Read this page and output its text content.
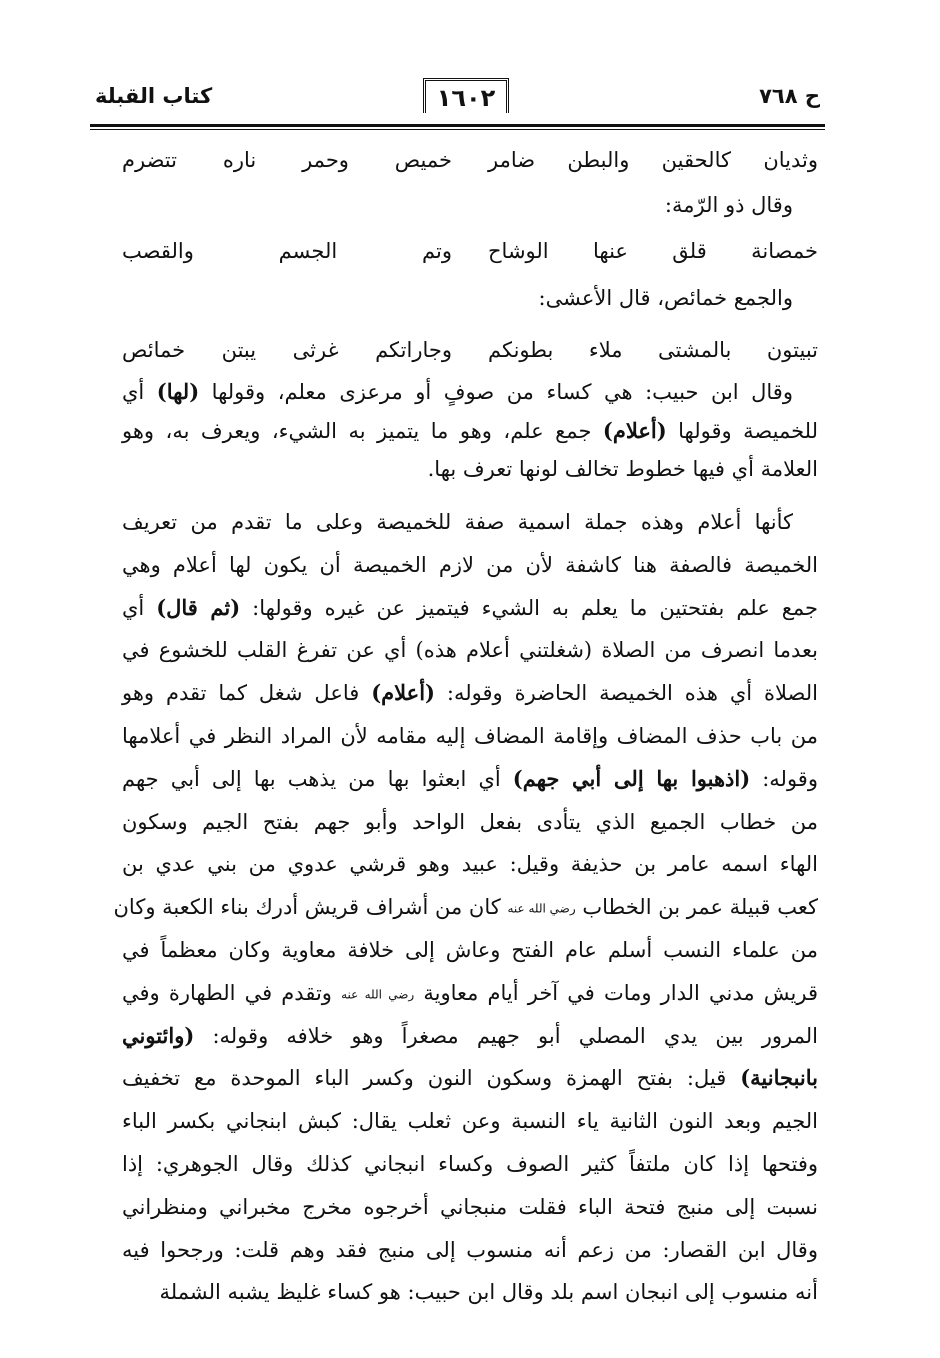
كتاب القبلة	١٦٠٢	ح ٧٦٨
وثديان كالحقين والبطن ضامر
خميص وحمر ناره تتضرم
وقال ذو الرّمة:
خمصانة قلق عنها الوشاح
وتم الجسم والقصب
والجمع خمائص، قال الأعشى:
تبيتون بالمشتى ملاء بطونكم
وجاراتكم غرثى يبتن خمائص
وقال ابن حبيب: هي كساء من صوفٍ أو مرعزى معلم، وقولها (لها) أي
للخميصة وقولها (أعلام) جمع علم، وهو ما يتميز به الشيء، ويعرف به، وهو
العلامة أي فيها خطوط تخالف لونها تعرف بها.
كأنها أعلام وهذه جملة اسمية صفة للخميصة وعلى ما تقدم من تعريف
الخميصة فالصفة هنا كاشفة لأن من لازم الخميصة أن يكون لها أعلام وهي
جمع علم بفتحتين ما يعلم به الشيء فيتميز عن غيره وقولها: (ثم قال) أي
بعدما انصرف من الصلاة (شغلتني أعلام هذه) أي عن تفرغ القلب للخشوع في
الصلاة أي هذه الخميصة الحاضرة وقوله: (أعلام) فاعل شغل كما تقدم وهو
من باب حذف المضاف وإقامة المضاف إليه مقامه لأن المراد النظر في أعلامها
وقوله: (اذهبوا بها إلى أبي جهم) أي ابعثوا بها من يذهب بها إلى أبي جهم
من خطاب الجميع الذي يتأدى بفعل الواحد وأبو جهم بفتح الجيم وسكون
الهاء اسمه عامر بن حذيفة وقيل: عبيد وهو قرشي عدوي من بني عدي بن
كعب قبيلة عمر بن الخطاب رضي الله عنه كان من أشراف قريش أدرك بناء الكعبة وكان
من علماء النسب أسلم عام الفتح وعاش إلى خلافة معاوية وكان معظماً في
قريش مدني الدار ومات في آخر أيام معاوية رضي الله عنه وتقدم في الطهارة وفي
المرور بين يدي المصلي أبو جهيم مصغراً وهو خلافه وقوله: (وائتوني
بانبجانية) قيل: بفتح الهمزة وسكون النون وكسر الباء الموحدة مع تخفيف
الجيم وبعد النون الثانية ياء النسبة وعن ثعلب يقال: كبش ابنجاني بكسر الباء
وفتحها إذا كان ملتفاً كثير الصوف وكساء انبجاني كذلك وقال الجوهري: إذا
نسبت إلى منبج فتحة الباء فقلت منبجاني أخرجوه مخرج مخبراني ومنظراني
وقال ابن القصار: من زعم أنه منسوب إلى منبج فقد وهم قلت: ورجحوا فيه
أنه منسوب إلى انبجان اسم بلد وقال ابن حبيب: هو كساء غليظ يشبه الشملة
